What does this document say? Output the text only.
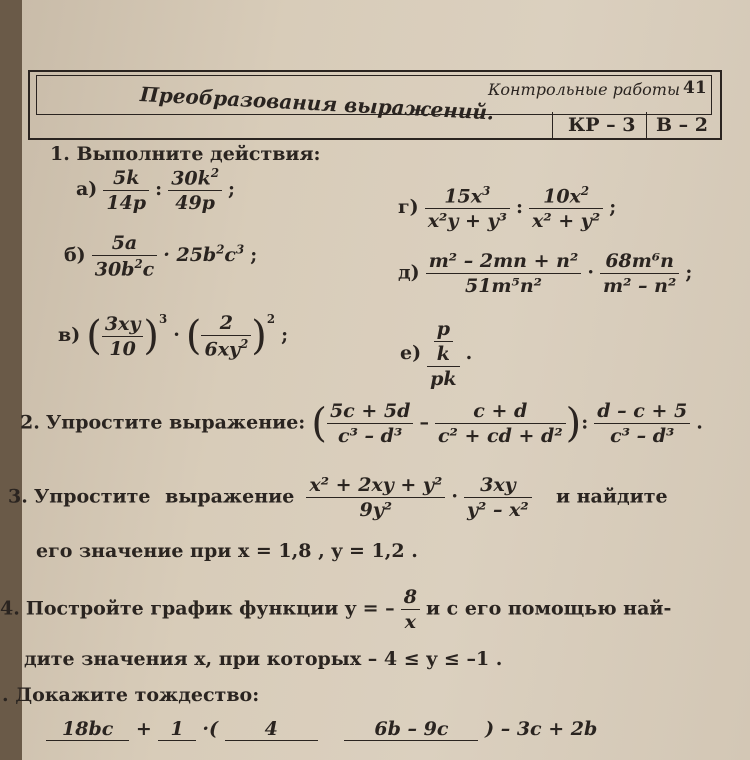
Контрольные работы 41
Преобразования выражений.
КР – 3 В – 2
1. Выполните действия:
$а) \frac{5k}{14p}$ : $\frac{30k^2}{49p}$ ;
$б) \frac{5a}{30b^2c} \cdot 25b^2c^3$ ;
в) ( $\frac{3xy}{10} )^3$ · ( $\frac{2}{6xy^2} )^2$ ;
$г) \frac{15x^3}{\text{x²y + y³}}$ : $\frac{10x^2}{\text{x² + y²}}$ ;
$д) \frac{\text{m² – 2mn + n²}}{\text{51m⁵n²}} \cdot \frac{\text{68m⁶n}}{\text{m² – n²}}$ ;
$е) \frac{\frac{p}{k}}{pk}$ .
2. Упростите выражение: ( $\frac{5c + 5d}{\text{c³ – d³}} - \frac{c + d}{\text{c² + cd + d²}}$ ): $\frac{d - c + 5}{\text{c³ – d³}}$ .
3. Упростите выражение $\frac{\text{x² + 2xy + y²}}{\text{9y²}} \cdot \frac{3xy}{\text{y² – x²}}$ и найдите
его значение при x = 1,8 , y = 1,2 .
4. Постройте график функции y = – $\frac{8}{x}$ и с его помощью най-
дите значения x, при которых – 4 ≤ y ≤ –1 .
. Докажите тождество:
18bc + 1 ·( 4	6b – 9c ) – 3c + 2b
